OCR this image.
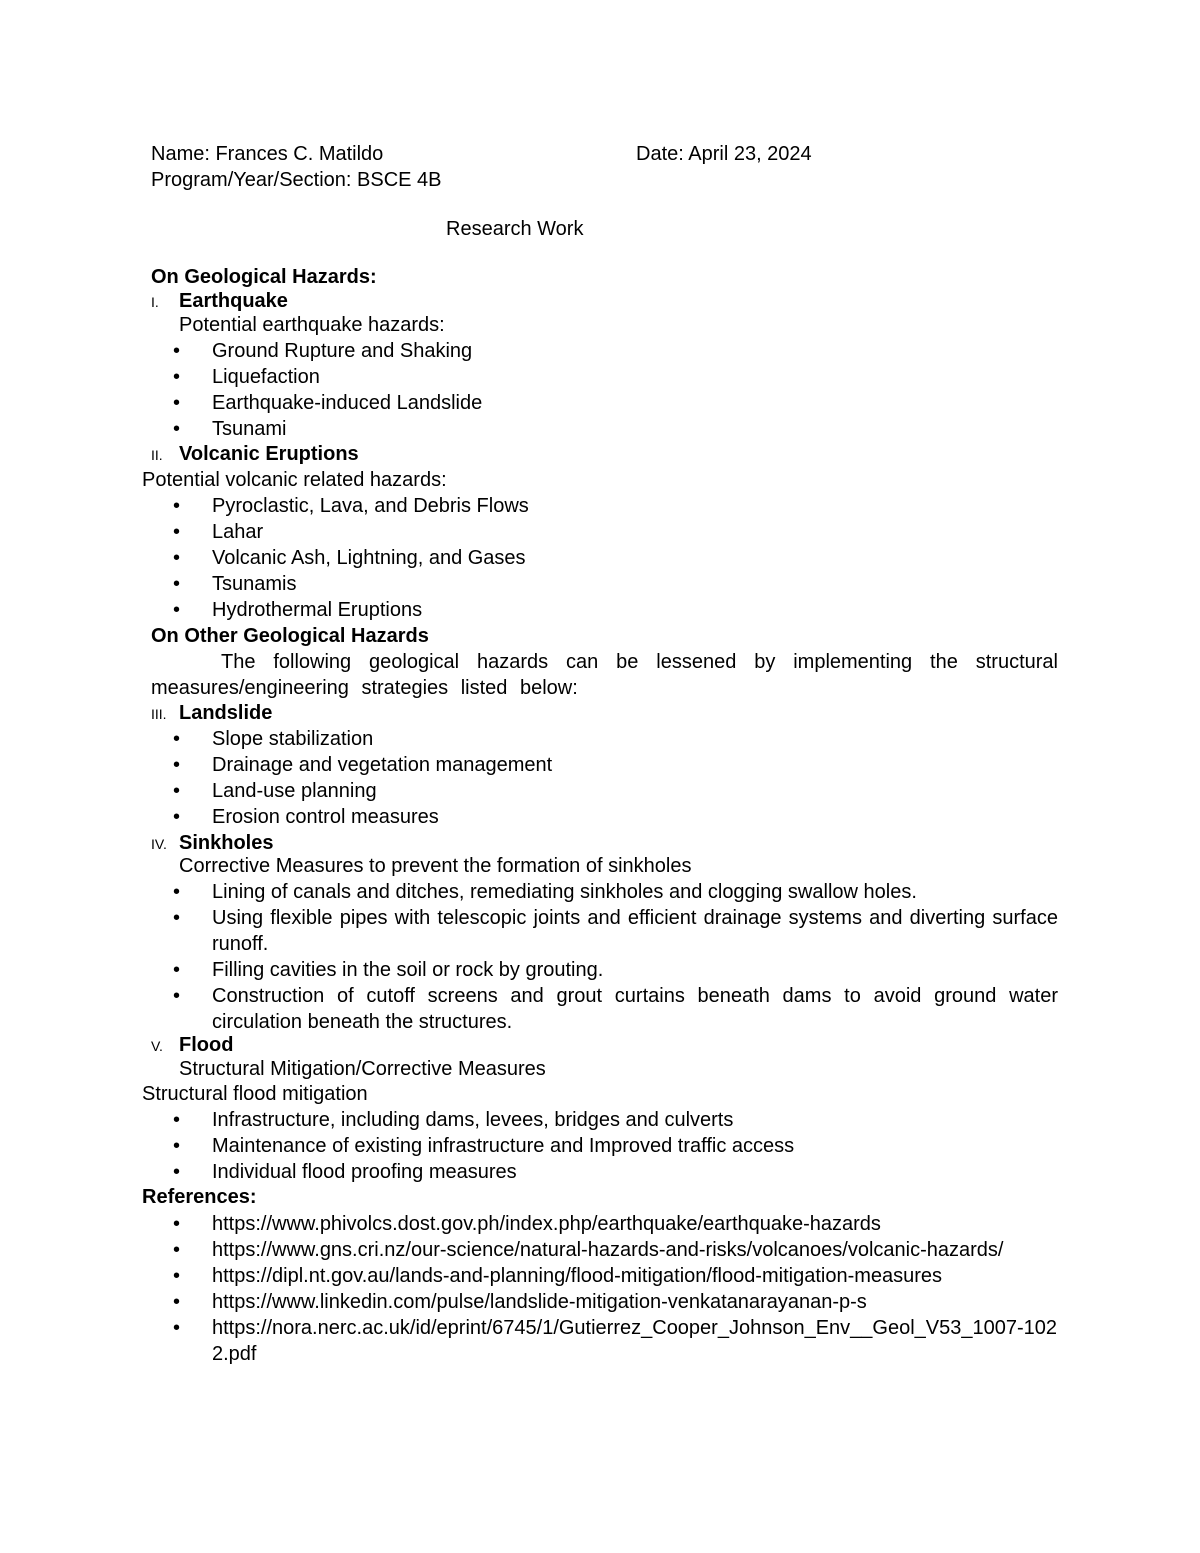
Name: Frances C. Matildo	Date: April 23, 2024
Program/Year/Section: BSCE 4B
Research Work
On Geological Hazards:
I. Earthquake
Potential earthquake hazards:
• Ground Rupture and Shaking
• Liquefaction
• Earthquake-induced Landslide
• Tsunami
II. Volcanic Eruptions
Potential volcanic related hazards:
• Pyroclastic, Lava, and Debris Flows
• Lahar
• Volcanic Ash, Lightning, and Gases
• Tsunamis
• Hydrothermal Eruptions
On Other Geological Hazards
The following geological hazards can be lessened by implementing the structural measures/engineering strategies listed below:
III. Landslide
• Slope stabilization
• Drainage and vegetation management
• Land-use planning
• Erosion control measures
IV. Sinkholes
Corrective Measures to prevent the formation of sinkholes
• Lining of canals and ditches, remediating sinkholes and clogging swallow holes.
• Using flexible pipes with telescopic joints and efficient drainage systems and diverting surface runoff.
• Filling cavities in the soil or rock by grouting.
• Construction of cutoff screens and grout curtains beneath dams to avoid ground water circulation beneath the structures.
V. Flood
Structural Mitigation/Corrective Measures
Structural flood mitigation
• Infrastructure, including dams, levees, bridges and culverts
• Maintenance of existing infrastructure and Improved traffic access
• Individual flood proofing measures
References:
• https://www.phivolcs.dost.gov.ph/index.php/earthquake/earthquake-hazards
• https://www.gns.cri.nz/our-science/natural-hazards-and-risks/volcanoes/volcanic-hazards/
• https://dipl.nt.gov.au/lands-and-planning/flood-mitigation/flood-mitigation-measures
• https://www.linkedin.com/pulse/landslide-mitigation-venkatanarayanan-p-s
• https://nora.nerc.ac.uk/id/eprint/6745/1/Gutierrez_Cooper_Johnson_Env__Geol_V53_1007-1022.pdf
